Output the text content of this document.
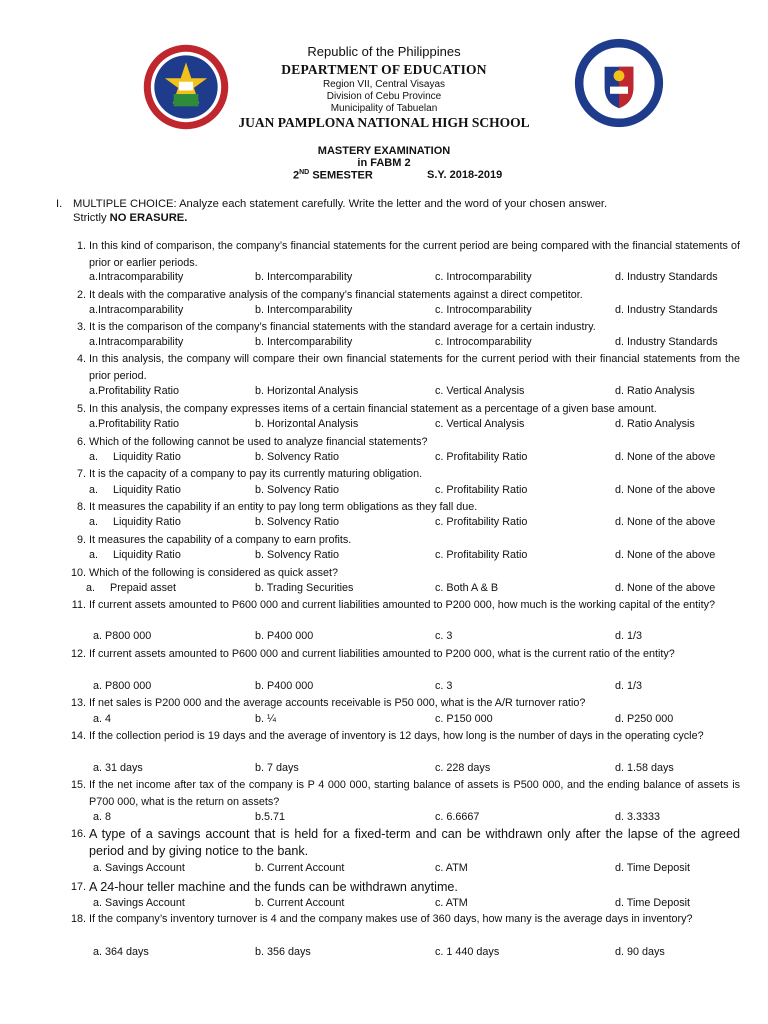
Republic of the Philippines
DEPARTMENT OF EDUCATION
Region VII, Central Visayas
Division of Cebu Province
Municipality of Tabuelan
JUAN PAMPLONA NATIONAL HIGH SCHOOL
MASTERY EXAMINATION
in FABM 2
2ND SEMESTER	S.Y. 2018-2019
I. MULTIPLE CHOICE: Analyze each statement carefully. Write the letter and the word of your chosen answer.
Strictly NO ERASURE.
1. In this kind of comparison, the company’s financial statements for the current period are being compared with the financial statements of prior or earlier periods.
a.Intracomparability	b. Intercomparability	c. Introcomparability	d. Industry Standards
2. It deals with the comparative analysis of the company’s financial statements against a direct competitor.
a.Intracomparability	b. Intercomparability	c. Introcomparability	d. Industry Standards
3. It is the comparison of the company’s financial statements with the standard average for a certain industry.
a.Intracomparability	b. Intercomparability	c. Introcomparability	d. Industry Standards
4. In this analysis, the company will compare their own financial statements for the current period with their financial statements from the prior period.
a.Profitability Ratio	b. Horizontal Analysis	c. Vertical Analysis	d. Ratio Analysis
5. In this analysis, the company expresses items of a certain financial statement as a percentage of a given base amount.
a.Profitability Ratio	b. Horizontal Analysis	c. Vertical Analysis	d. Ratio Analysis
6. Which of the following cannot be used to analyze financial statements?
a.     Liquidity Ratio	b. Solvency Ratio	c. Profitability Ratio	d. None of the above
7. It is the capacity of a company to pay its currently maturing obligation.
a.     Liquidity Ratio	b. Solvency Ratio	c. Profitability Ratio	d. None of the above
8. It measures the capability if an entity to pay long term obligations as they fall due.
a.     Liquidity Ratio	b. Solvency Ratio	c. Profitability Ratio	d. None of the above
9. It measures the capability of a company to earn profits.
a.     Liquidity Ratio	b. Solvency Ratio	c. Profitability Ratio	d. None of the above
10. Which of the following is considered as quick asset?
a.     Prepaid asset	b. Trading Securities	c. Both A & B	d. None of the above
11. If current assets amounted to P600 000 and current liabilities amounted to P200 000, how much is the working capital of the entity?
a. P800 000	b. P400 000	c. 3	d. 1/3
12. If current assets amounted to P600 000 and current liabilities amounted to P200 000, what is the current ratio of the entity?
a. P800 000	b. P400 000	c. 3	d. 1/3
13. If net sales is P200 000 and the average accounts receivable is P50 000, what is the A/R turnover ratio?
a. 4	b. ¼	c. P150 000	d. P250 000
14. If the collection period is 19 days and the average of inventory is 12 days, how long is the number of days in the operating cycle?
a. 31 days	b. 7 days	c. 228 days	d. 1.58 days
15. If the net income after tax of the company is P 4 000 000, starting balance of assets is P500 000, and the ending balance of assets is P700 000, what is the return on assets?
a. 8	b.5.71	c. 6.6667	d. 3.3333
16. A type of a savings account that is held for a fixed-term and can be withdrawn only after the lapse of the agreed period and by giving notice to the bank.
a. Savings Account	b. Current Account	c. ATM	d. Time Deposit
17. A 24-hour teller machine and the funds can be withdrawn anytime.
a. Savings Account	b. Current Account	c. ATM	d. Time Deposit
18. If the company’s inventory turnover is 4 and the company makes use of 360 days, how many is the average days in inventory?
a. 364 days	b. 356 days	c. 1 440 days	d. 90 days
